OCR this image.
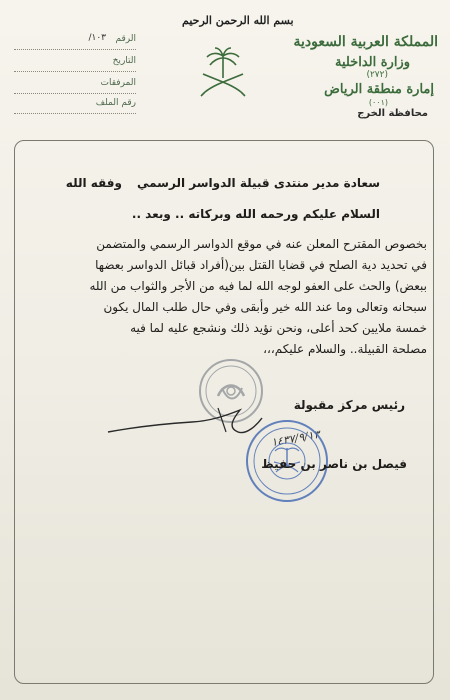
بسم الله الرحمن الرحيم
المملكة العربية السعودية
وزارة الداخلية
(٢٧٢)
إمارة منطقة الرياض
(٠٠١)
محافظة الخرج
الرقم
١٠٣/
التاريخ
المرفقات
رقم الملف
سعادة مدير منتدى قبيلة الدواسر الرسمي
وفقه الله
السلام عليكم ورحمه الله وبركاته .. وبعد ..
بخصوص المقترح المعلن عنه في موقع الدواسر الرسمي والمتضمن
في تحديد دية الصلح في قضايا القتل بين(أفراد قبائل الدواسر بعضها
ببعض) والحث على العفو لوجه الله لما فيه من الأجر والثواب من الله
سبحانه وتعالى وما عند الله خير وأبقى وفي حال طلب المال يكون
خمسة ملايين كحد أعلى، ونحن نؤيد ذلك ونشجع عليه لما فيه
مصلحة القبيلة.. والسلام عليكم،،،
رئيس مركز مقبولة
١٤٣٧/٩/١٣
فيصل بن ناصر بن حفيظ
